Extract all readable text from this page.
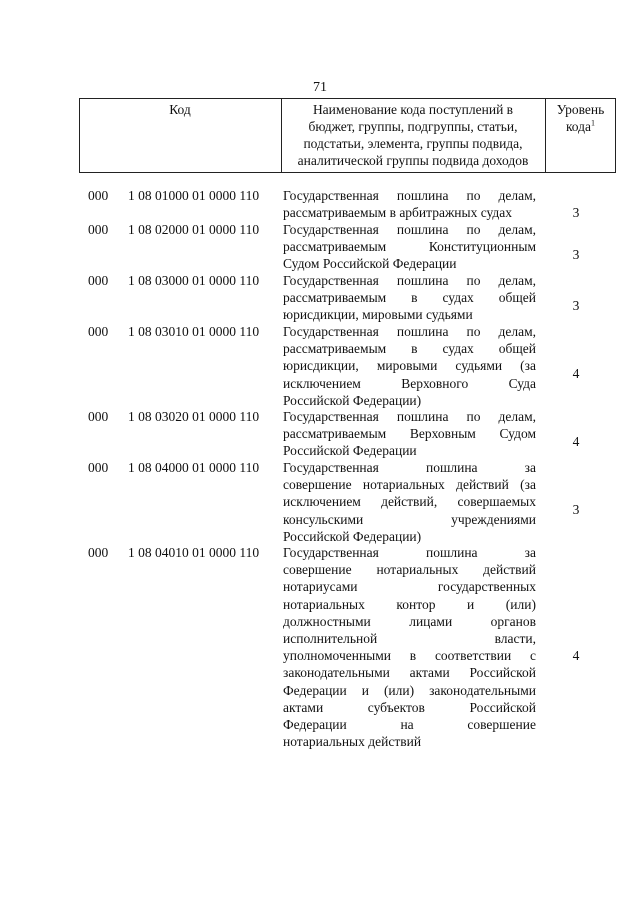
71
Код	Наименование кода поступлений в
бюджет, группы, подгруппы, статьи,
подстатьи, элемента, группы подвида,
аналитической группы подвида доходов
Уровень
кода$^1$
000 1 08 01000 01 0000 110 Государственная пошлина по делам,
рассматриваемым в арбитражных судах	3
000 1 08 02000 01 0000 110 Государственная пошлина по делам,
рассматриваемым Конституционным
Судом Российской Федерации
3
000 1 08 03000 01 0000 110 Государственная пошлина по делам,
рассматриваемым в судах общей
юрисдикции, мировыми судьями
3
000 1 08 03010 01 0000 110 Государственная пошлина по делам,
рассматриваемым в судах общей
юрисдикции, мировыми судьями (за
исключением Верховного Суда
Российской Федерации)
4
000 1 08 03020 01 0000 110 Государственная пошлина по делам,
рассматриваемым Верховным Судом
Российской Федерации
4
000 1 08 04000 01 0000 110 Государственная пошлина за
совершение нотариальных действий (за
исключением действий, совершаемых
консульскими учреждениями
Российской Федерации)
3
000 1 08 04010 01 0000 110 Государственная пошлина за
совершение нотариальных действий
нотариусами государственных
нотариальных контор и (или)
должностными лицами органов
исполнительной власти,
уполномоченными в соответствии с
законодательными актами Российской
Федерации и (или) законодательными
актами субъектов Российской
Федерации на совершение
нотариальных действий
4
